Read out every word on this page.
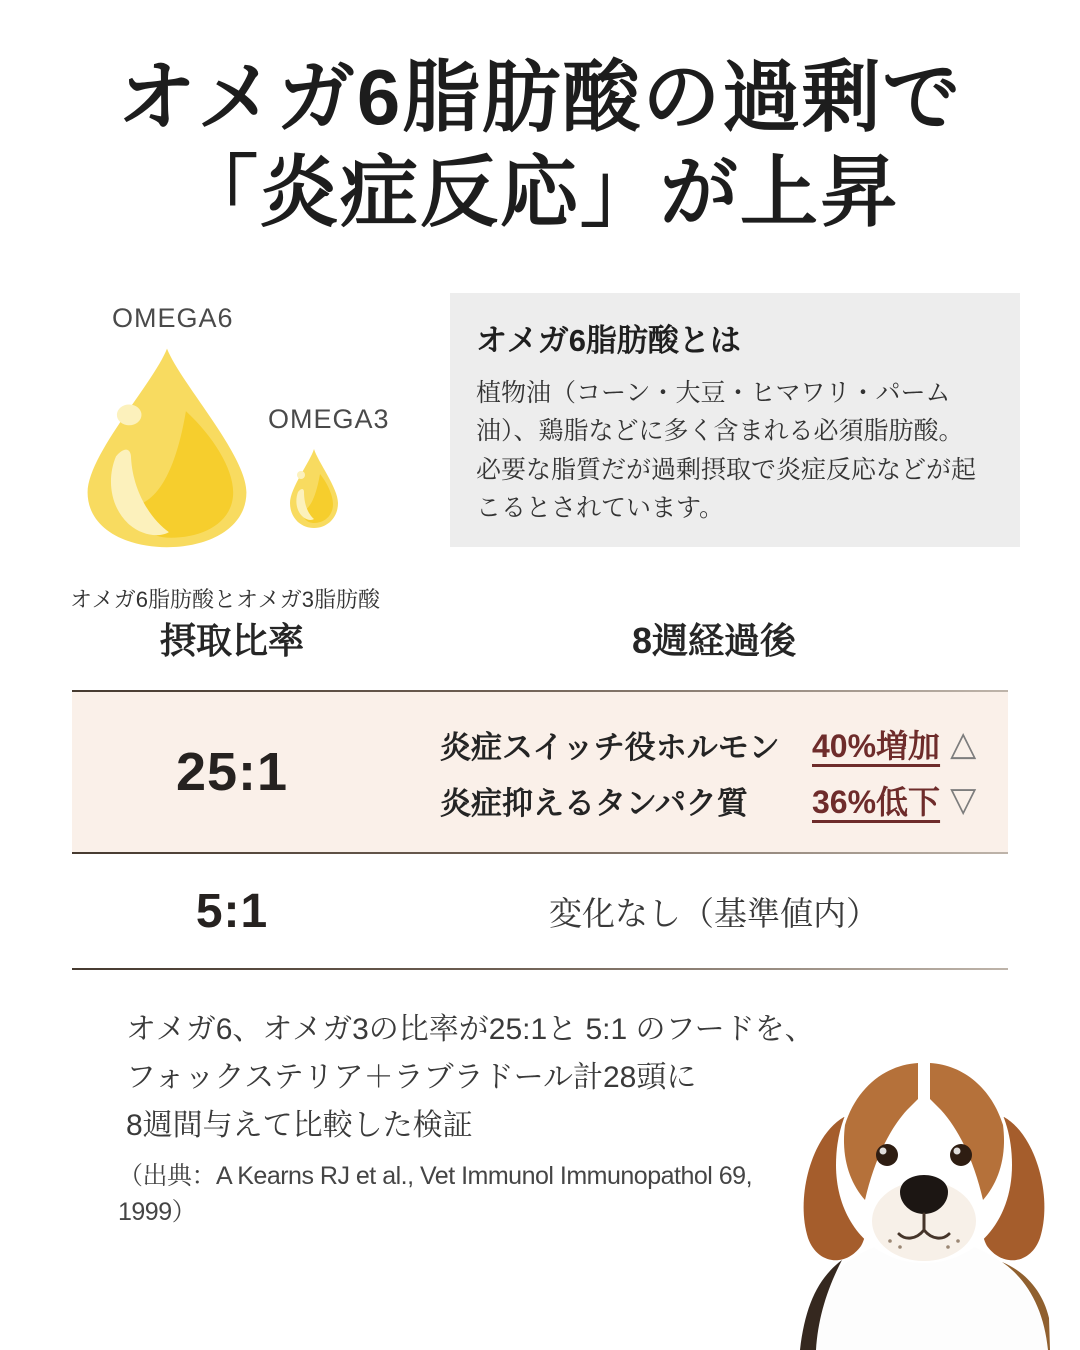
オメガ6脂肪酸の過剰で
「炎症反応」が上昇
OMEGA6
OMEGA3
オメガ6脂肪酸とは

植物油（コーン・大豆・ヒマワリ・パーム油）、鶏脂などに多く含まれる必須脂肪酸。

必要な脂質だが過剰摂取で炎症反応などが起こるとされています。

オメガ6脂肪酸とオメガ3脂肪酸
摂取比率	8週経過後
25:1	炎症スイッチ役ホルモン	40%増加 △
炎症抑えるタンパク質	36%低下 ▽
5:1	変化なし（基準値内）

オメガ6、オメガ3の比率が25:1と 5:1 のフードを、

フォックステリア＋ラブラドール計28頭に

8週間与えて比較した検証

（出典：A Kearns RJ et al., Vet Immunol Immunopathol 69, 1999）
